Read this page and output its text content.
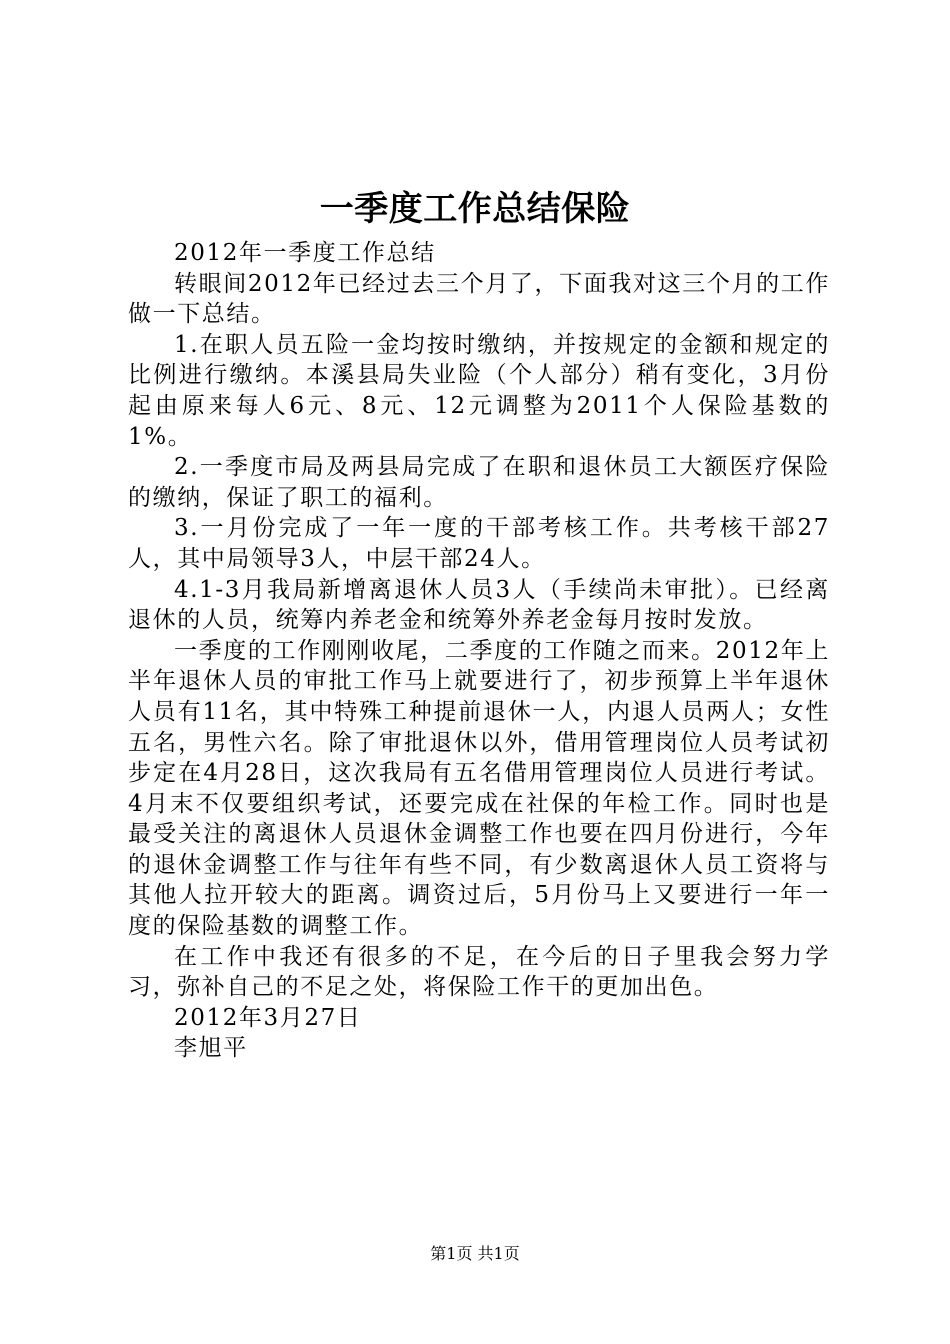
一季度工作总结保险

2012年一季度工作总结

转眼间2012年已经过去三个月了，下面我对这三个月的工作做一下总结。

1.在职人员五险一金均按时缴纳，并按规定的金额和规定的比例进行缴纳。本溪县局失业险（个人部分）稍有变化，3月份起由原来每人6元、8元、12元调整为2011个人保险基数的1%。

2.一季度市局及两县局完成了在职和退休员工大额医疗保险的缴纳，保证了职工的福利。

3.一月份完成了一年一度的干部考核工作。共考核干部27人，其中局领导3人，中层干部24人。

4.1-3月我局新增离退休人员3人（手续尚未审批）。已经离退休的人员，统筹内养老金和统筹外养老金每月按时发放。

一季度的工作刚刚收尾，二季度的工作随之而来。2012年上半年退休人员的审批工作马上就要进行了，初步预算上半年退休人员有11名，其中特殊工种提前退休一人，内退人员两人；女性五名，男性六名。除了审批退休以外，借用管理岗位人员考试初步定在4月28日，这次我局有五名借用管理岗位人员进行考试。4月末不仅要组织考试，还要完成在社保的年检工作。同时也是最受关注的离退休人员退休金调整工作也要在四月份进行，今年的退休金调整工作与往年有些不同，有少数离退休人员工资将与其他人拉开较大的距离。调资过后，5月份马上又要进行一年一度的保险基数的调整工作。

在工作中我还有很多的不足，在今后的日子里我会努力学习，弥补自己的不足之处，将保险工作干的更加出色。

2012年3月27日

李旭平

第1页 共1页
